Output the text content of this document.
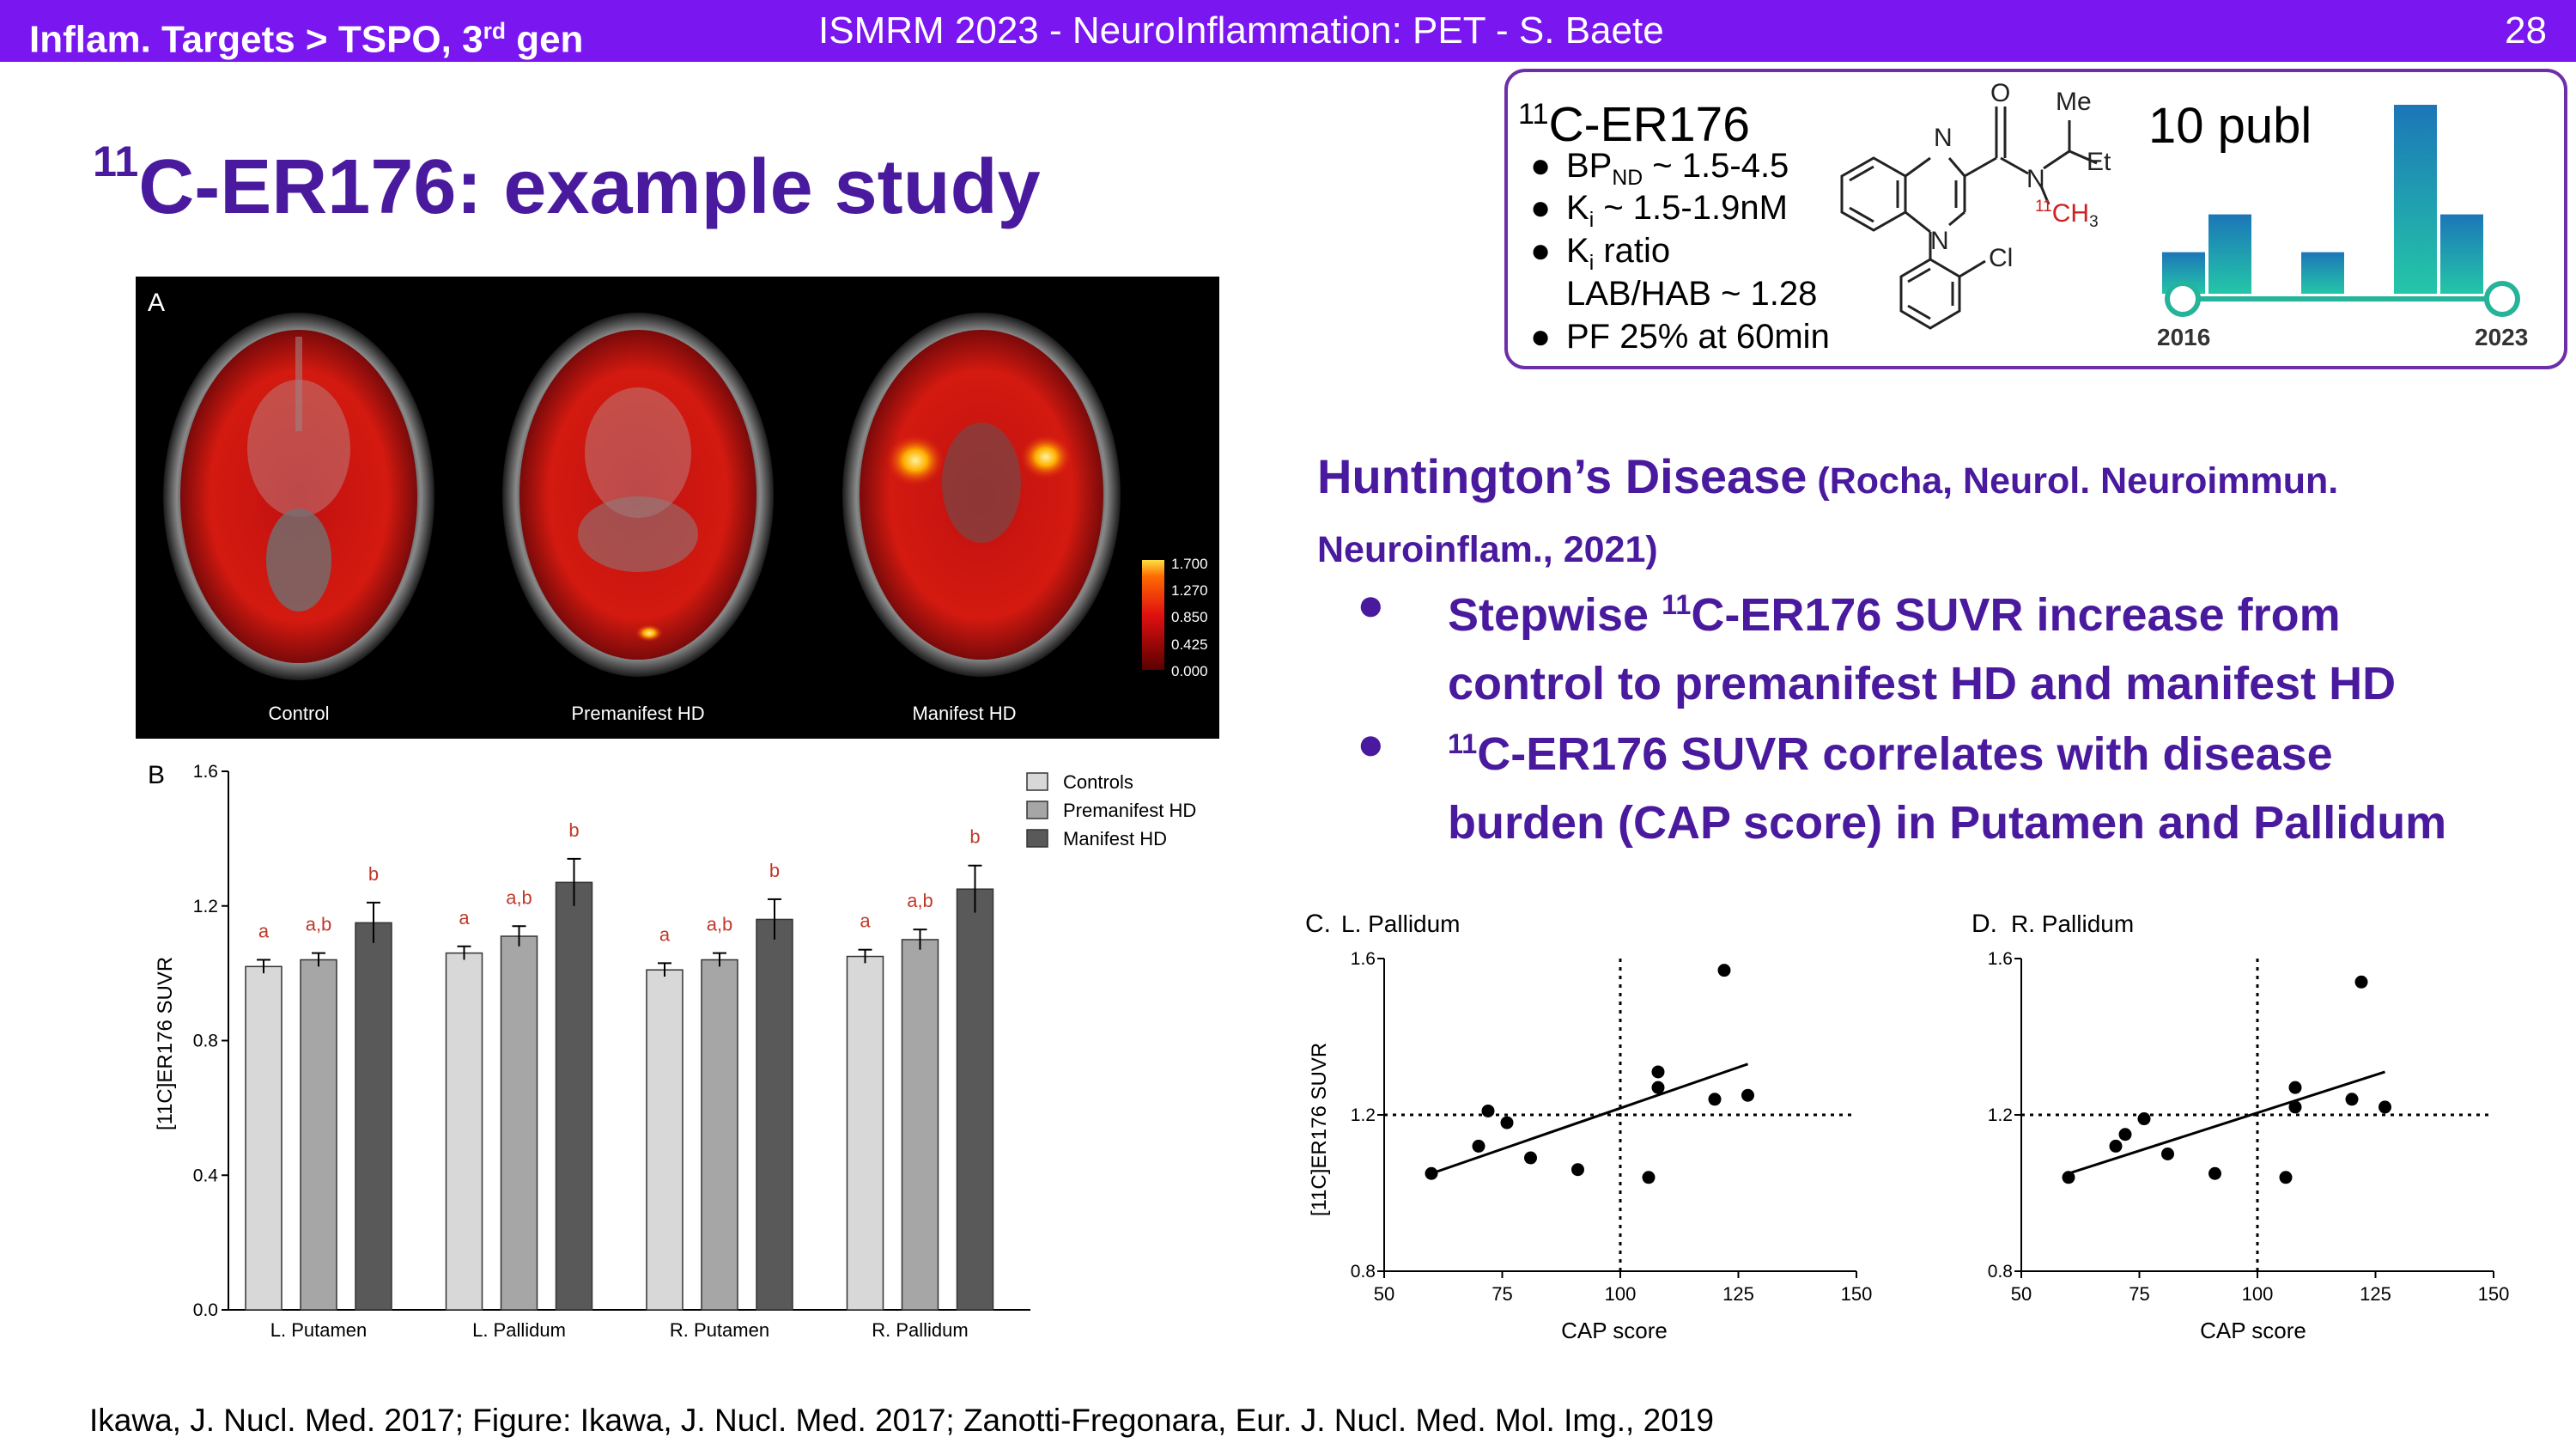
Inflam. Targets > TSPO, 3rd gen	ISMRM 2023 - NeuroInflammation: PET - S. Baete	28
$^{11}$C-ER176: example study
$^{11}$C-ER176
● $BP_{ND}$ ~ 1.5-4.5
● $K_i$ ~ 1.5-1.9nM
● $K_i$ ratio
LAB/HAB ~ 1.28
● PF 25% at 60min
N
N
N
O Me
Et
Cl
$^{11}CH_3$
10 publ
2016	2023
Huntington’s Disease (Rocha, Neurol. Neuroimmun.
Neuroinflam., 2021)
● Stepwise $^{11}$C-ER176 SUVR increase from
control to premanifest HD and manifest HD
● $^{11}$C-ER176 SUVR correlates with disease
burden (CAP score) in Putamen and Pallidum
A
Control	Premanifest HD	Manifest HD
1.700
1.270
0.850
0.425
0.000
B
[11C]ER176 SUVR
0.0
0.4
0.8
1.2
1.6
L. Putamen	L. Pallidum	R. Putamen	R. Pallidum
a a,b
b
a
a,b
b
a a,b
b
a
a,b
b
Controls
Premanifest HD
Manifest HD
C. L. Pallidum
[11C]ER176 SUVR
CAP score
50	75	100	125	150
0.8
1.2
1.6
D. R. Pallidum
CAP score
50	75	100	125	150
0.8
1.2
1.6
Ikawa, J. Nucl. Med. 2017; Figure: Ikawa, J. Nucl. Med. 2017; Zanotti-Fregonara, Eur. J. Nucl. Med. Mol. Img., 2019
